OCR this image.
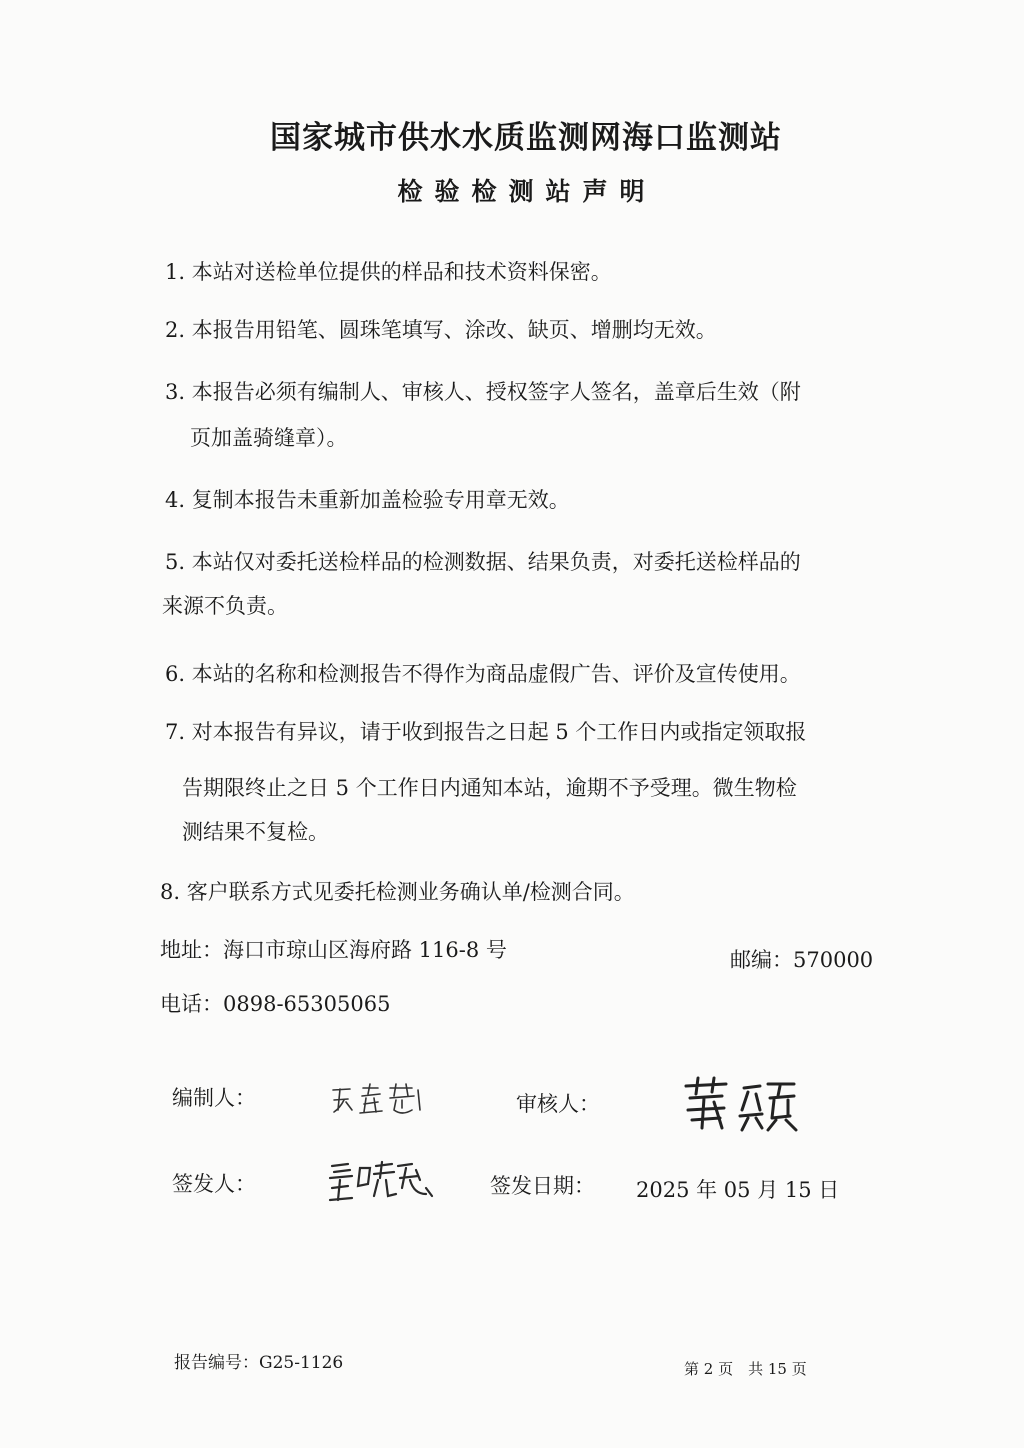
国家城市供水水质监测网海口监测站
检验检测站声明
1. 本站对送检单位提供的样品和技术资料保密。
2. 本报告用铅笔、圆珠笔填写、涂改、缺页、增删均无效。
3. 本报告必须有编制人、审核人、授权签字人签名，盖章后生效（附
页加盖骑缝章）。
4. 复制本报告未重新加盖检验专用章无效。
5. 本站仅对委托送检样品的检测数据、结果负责，对委托送检样品的
来源不负责。
6. 本站的名称和检测报告不得作为商品虚假广告、评价及宣传使用。
7. 对本报告有异议，请于收到报告之日起 5 个工作日内或指定领取报
告期限终止之日 5 个工作日内通知本站，逾期不予受理。微生物检
测结果不复检。
8. 客户联系方式见委托检测业务确认单/检测合同。
地址：海口市琼山区海府路 116-8 号	邮编：570000
电话：0898-65305065
编制人：	审核人：
签发人：	签发日期： 2025 年 05 月 15 日
报告编号：G25-1126	第 2 页　共 15 页
